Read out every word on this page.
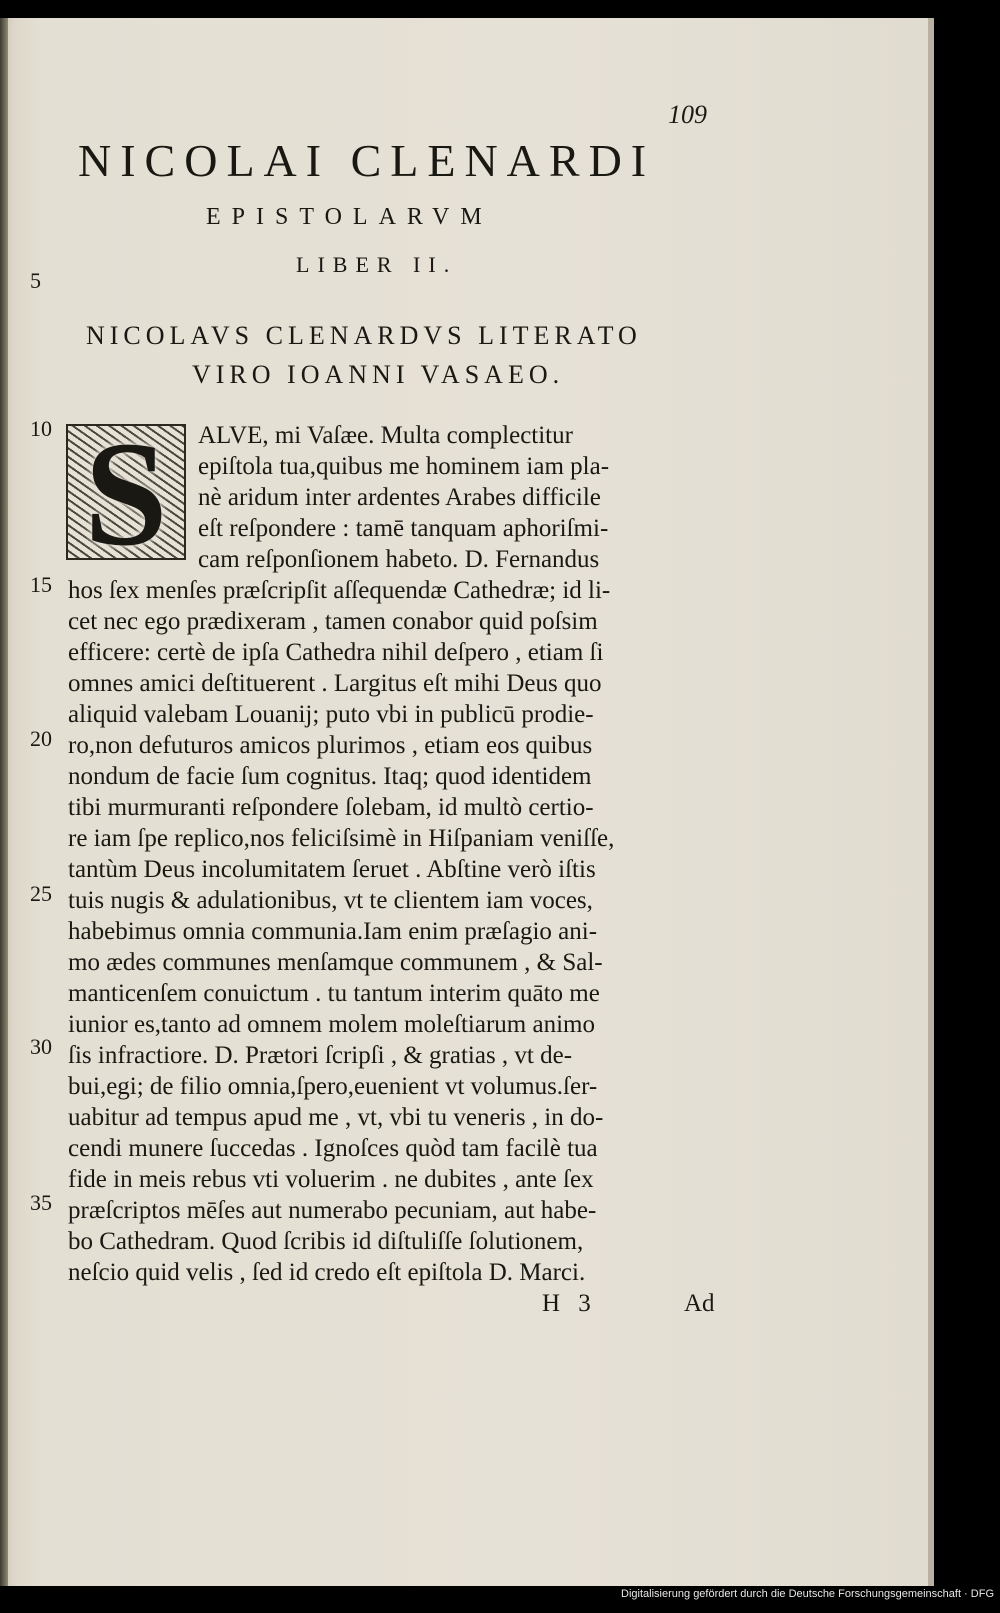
109
NICOLAI CLENARDI
EPISTOLARVM
LIBER II.
NICOLAVS CLENARDVS LITERATO
VIRO IOANNI VASAEO.
5
10
15
20
25
30
35
S	ALVE, mi Vaſæe. Multa complectitur
epiſtola tua,quibus me hominem iam pla-
nè aridum inter ardentes Arabes difficile
eſt reſpondere : tamē tanquam aphoriſmi-
cam reſponſionem habeto. D. Fernandus
hos ſex menſes præſcripſit aſſequendæ Cathedræ; id li-
cet nec ego prædixeram , tamen conabor quid poſsim
efficere: certè de ipſa Cathedra nihil deſpero , etiam ſi
omnes amici deſtituerent . Largitus eſt mihi Deus quo
aliquid valebam Louanij; puto vbi in publicū prodie-
ro,non defuturos amicos plurimos , etiam eos quibus
nondum de facie ſum cognitus. Itaq; quod identidem
tibi murmuranti reſpondere ſolebam, id multò certio-
re iam ſpe replico,nos feliciſsimè in Hiſpaniam veniſſe,
tantùm Deus incolumitatem ſeruet . Abſtine verò iſtis
tuis nugis & adulationibus, vt te clientem iam voces,
habebimus omnia communia.Iam enim præſagio ani-
mo ædes communes menſamque communem , & Sal-
manticenſem conuictum . tu tantum interim quāto me
iunior es,tanto ad omnem molem moleſtiarum animo
ſis infractiore. D. Prætori ſcripſi , & gratias , vt de-
bui,egi; de filio omnia,ſpero,euenient vt volumus.ſer-
uabitur ad tempus apud me , vt, vbi tu veneris , in do-
cendi munere ſuccedas . Ignoſces quòd tam facilè tua
fide in meis rebus vti voluerim . ne dubites , ante ſex
præſcriptos mēſes aut numerabo pecuniam, aut habe-
bo Cathedram. Quod ſcribis id diſtuliſſe ſolutionem,
neſcio quid velis , ſed id credo eſt epiſtola D. Marci.
H 3	Ad
Digitalisierung gefördert durch die Deutsche Forschungsgemeinschaft · DFG
